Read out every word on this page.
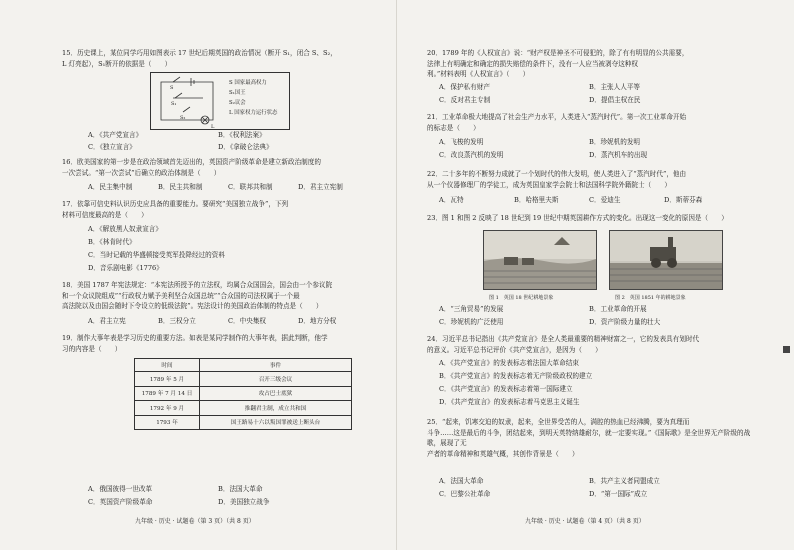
15．历史课上，某位同学巧用如图表示 17 世纪后期英国的政治情况（断开 S₁，闭合 S、S₂，

L 灯亮起），S₁断开的依据是（　　）

S
S₁
S₂
L
S 国家最高权力
S₁国王
S₂议会
L 国家权力运行状态
A．《共产党宣言》	B．《权利法案》
C．《独立宣言》	D．《拿破仑法典》

16．欧美国家的第一步是在政治领域首先迈出的，英国资产阶级革命是建立新政治制度的

一次尝试。“第一次尝试”后确立的政治体制是（　　）

A．民主集中制	B．民主共和制	C．联邦共和制	D．君主立宪制

17．依靠可信史料认识历史应具备的重要能力。要研究“美国独立战争”，下列

材料可信度最高的是（　　）

A．《解放黑人奴隶宣言》
B．《林肯时代》
C．当时记载的华盛顿接受英军投降经过的资料
D．音乐剧电影《1776》

18．美国 1787 年宪法规定：“本宪法所授予的立法权，均属合众国国会，国会由一个参议院

和一个众议院组成”“行政权力赋予美利坚合众国总统”“合众国的司法权属于一个最

高法院以及由国会随时下令设立的低级法院”。宪法设计的美国政治体制的特点是（　　）

A．君主立宪	B．三权分立	C．中央集权	D．地方分权

19．制作大事年表是学习历史的重要方法。如表是某同学制作的大事年表，据此判断，他学

习的内容是（　　）

时间	事件
1789 年 5 月	召开三级会议
1789 年 7 月 14 日	攻占巴士底狱
1792 年 9 月	推翻君主制，成立共和国
1793 年	国王路易十六以叛国罪被送上断头台
A．俄国彼得一世改革	B．法国大革命
C．英国资产阶级革命	D．美国独立战争
九年级 · 历史 · 试题卷（第 3 页）（共 8 页）

20．1789 年的《人权宣言》说：“财产权是神圣不可侵犯的，除了有有明显的公共需要，

法律上有明确定和确定的损失赔偿的条件下，没有一人应当被剥夺这种权

利。”材料表明《人权宣言》（　　）

A．保护私有财产	B．主张人人平等
C．反对君主专制	D．提倡主权在民

21．工业革命极大地提高了社会生产力水平，人类进入“蒸汽时代”。第一次工业革命开始

的标志是（　　）

A．飞梭的发明	B．珍妮机的发明
C．改良蒸汽机的发明	D．蒸汽机车的出现

22．二十多年的不断努力成就了一个划时代的伟大发明，使人类进入了“蒸汽时代”，他由

从一个仪器修理厂的学徒工，成为英国皇家学会院士和法国科学院外籍院士（　　）

A．瓦特	B．哈格里夫斯	C．爱迪生	D．斯蒂芬森

23．图 1 和图 2 反映了 18 世纪到 19 世纪中期英国耕作方式的变化。出现这一变化的原因是（　　）

图 1　英国 18 世纪耕地景象	图 2　英国 1851 年的耕地景象
A．“三角贸易”的发展	B．工业革命的开展
C．珍妮机的广泛使用	D．资产阶级力量的壮大

24．习近平总书记指出《共产党宣言》是全人类最重要的精神财富之一，它的发表具有划时代

的意义。习近平总书记评价《共产党宣言》，是因为（　　）

A．《共产党宣言》的发表标志着法国大革命结束
B．《共产党宣言》的发表标志着无产阶级政权的建立
C．《共产党宣言》的发表标志着第一国际建立
D．《共产党宣言》的发表标志着马克思主义诞生

25．“起来，饥寒交迫的奴隶，起来，全世界受苦的人，满腔的热血已经沸腾，要为真理而

斗争……这是最后的斗争，团结起来，到明天英特纳雄耐尔，就一定要实现。”《国际歌》是全世界无产阶级的战歌，展现了无

产者的革命精神和英雄气概，其创作背景是（　　）

A．法国大革命	B．共产主义者同盟成立
C．巴黎公社革命	D．“第一国际”成立
九年级 · 历史 · 试题卷（第 4 页）（共 8 页）
